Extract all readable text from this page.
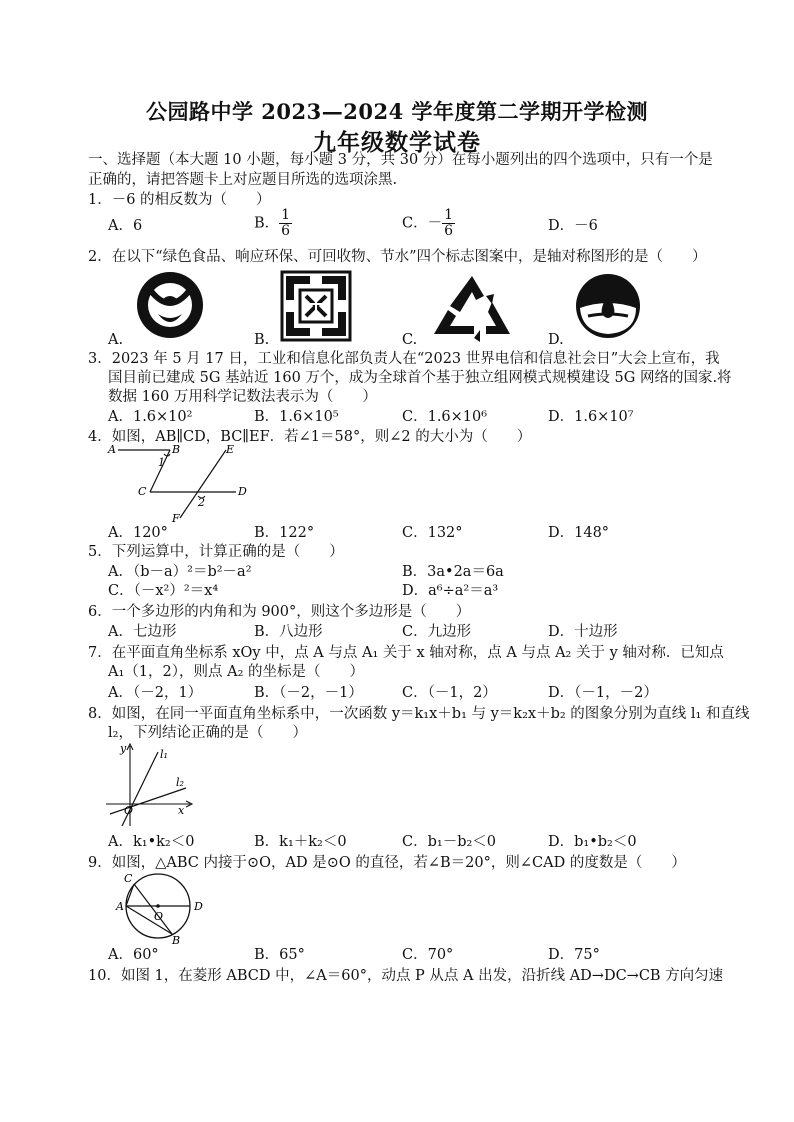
公园路中学 2023—2024 学年度第二学期开学检测
九年级数学试卷
一、选择题（本大题 10 小题，每小题 3 分，共 30 分）在每小题列出的四个选项中，只有一个是
正确的，请把答题卡上对应题目所选的选项涂黑.
1．－6 的相反数为（　　）
A．6	B． $\frac{1}{6}$	C．－ $\frac{1}{6}$	D．－6
2．在以下“绿色食品、响应环保、可回收物、节水”四个标志图案中，是轴对称图形的是（　　）
A.	B.	C.	D.
3．2023 年 5 月 17 日，工业和信息化部负责人在“2023 世界电信和信息社会日”大会上宣布，我
国目前已建成 5G 基站近 160 万个，成为全球首个基于独立组网模式规模建设 5G 网络的国家.将
数据 160 万用科学记数法表示为（　　）
A．1.6×10²	B．1.6×10⁵	C．1.6×10⁶	D．1.6×10⁷
4．如图，AB∥CD，BC∥EF．若∠1＝58°，则∠2 的大小为（　　）
A	B
C	D
E
F
1
2
A．120°	B．122°	C．132°	D．148°
5．下列运算中，计算正确的是（　　）
A．（b－a）²＝b²－a²	B．3a•2a＝6a
C．（－x²）²＝x⁴	D．a⁶÷a²＝a³
6．一个多边形的内角和为 900°，则这个多边形是（　　）
A．七边形	B．八边形	C．九边形	D．十边形
7．在平面直角坐标系 xOy 中，点 A 与点 A₁ 关于 x 轴对称，点 A 与点 A₂ 关于 y 轴对称．已知点
A₁（1，2），则点 A₂ 的坐标是（　　）
A．（－2，1）	B．（－2，－1）	C．（－1，2）	D．（－1，－2）
8．如图，在同一平面直角坐标系中，一次函数 y＝k₁x＋b₁ 与 y＝k₂x＋b₂ 的图象分别为直线 l₁ 和直线
l₂，下列结论正确的是（　　）
y
x
O
l₁
l₂
A．k₁•k₂＜0	B．k₁＋k₂＜0	C．b₁－b₂＜0	D．b₁•b₂＜0
9．如图，△ABC 内接于⊙O，AD 是⊙O 的直径，若∠B＝20°，则∠CAD 的度数是（　　）
A
B
C
D
O
A．60°	B．65°	C．70°	D．75°
10．如图 1，在菱形 ABCD 中，∠A＝60°，动点 P 从点 A 出发，沿折线 AD→DC→CB 方向匀速
